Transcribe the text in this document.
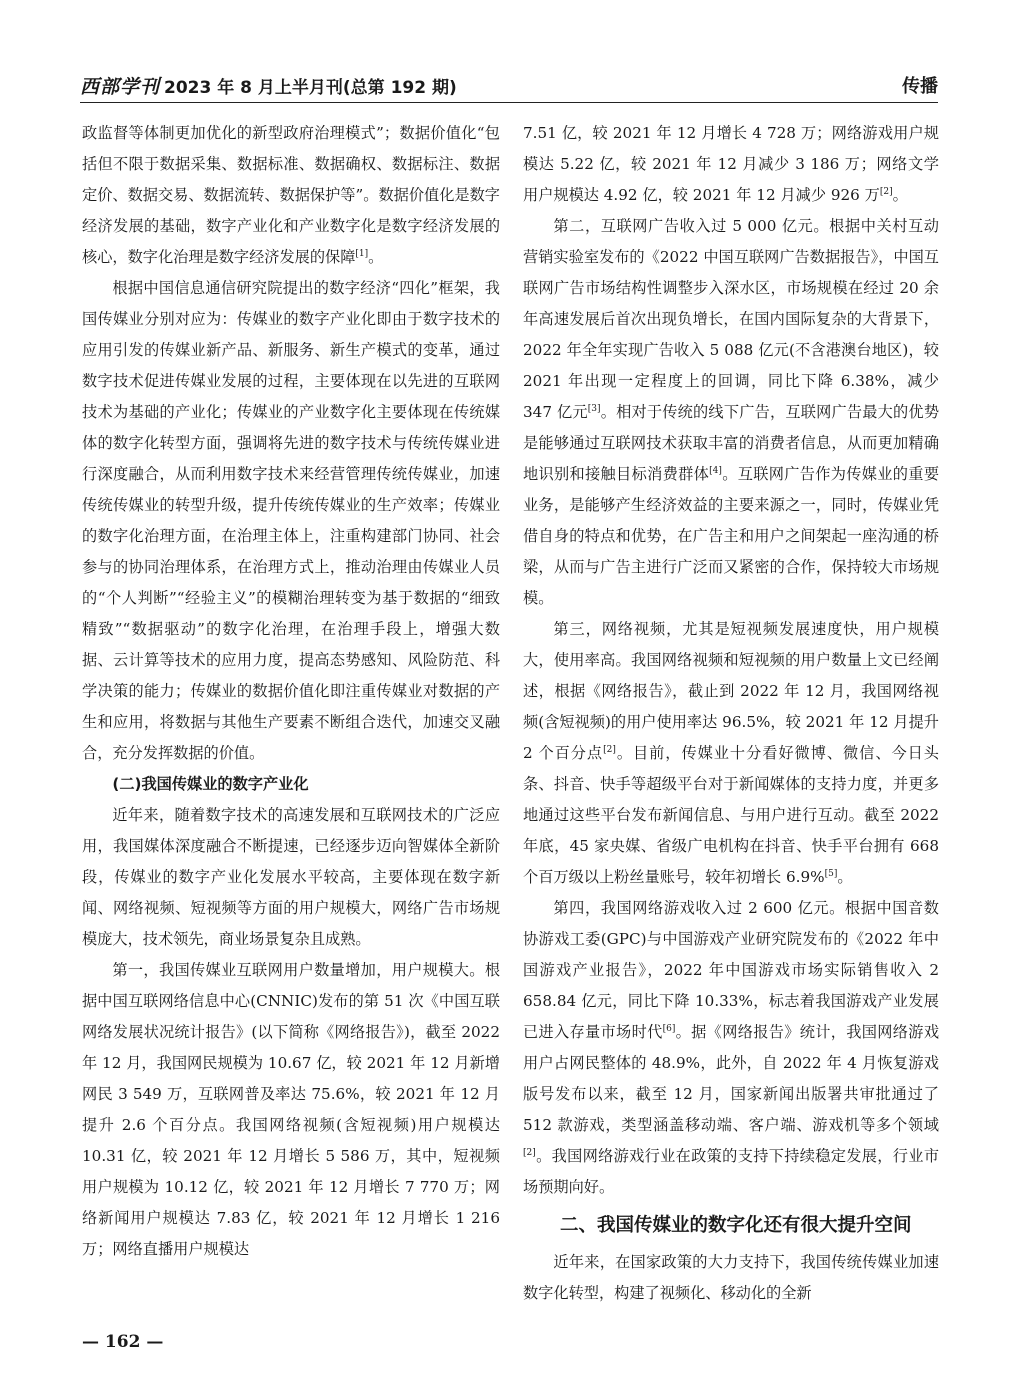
西部学刊 2023 年 8 月上半月刊(总第 192 期)	传播

政监督等体制更加优化的新型政府治理模式”；数据价值化“包括但不限于数据采集、数据标准、数据确权、数据标注、数据定价、数据交易、数据流转、数据保护等”。数据价值化是数字经济发展的基础，数字产业化和产业数字化是数字经济发展的核心，数字化治理是数字经济发展的保障[1]。

根据中国信息通信研究院提出的数字经济“四化”框架，我国传媒业分别对应为：传媒业的数字产业化即由于数字技术的应用引发的传媒业新产品、新服务、新生产模式的变革，通过数字技术促进传媒业发展的过程，主要体现在以先进的互联网技术为基础的产业化；传媒业的产业数字化主要体现在传统媒体的数字化转型方面，强调将先进的数字技术与传统传媒业进行深度融合，从而利用数字技术来经营管理传统传媒业，加速传统传媒业的转型升级，提升传统传媒业的生产效率；传媒业的数字化治理方面，在治理主体上，注重构建部门协同、社会参与的协同治理体系，在治理方式上，推动治理由传媒业人员的“个人判断”“经验主义”的模糊治理转变为基于数据的“细致精致”“数据驱动”的数字化治理，在治理手段上，增强大数据、云计算等技术的应用力度，提高态势感知、风险防范、科学决策的能力；传媒业的数据价值化即注重传媒业对数据的产生和应用，将数据与其他生产要素不断组合迭代，加速交叉融合，充分发挥数据的价值。

(二)我国传媒业的数字产业化

近年来，随着数字技术的高速发展和互联网技术的广泛应用，我国媒体深度融合不断提速，已经逐步迈向智媒体全新阶段，传媒业的数字产业化发展水平较高，主要体现在数字新闻、网络视频、短视频等方面的用户规模大，网络广告市场规模庞大，技术领先，商业场景复杂且成熟。

第一，我国传媒业互联网用户数量增加，用户规模大。根据中国互联网络信息中心(CNNIC)发布的第 51 次《中国互联网络发展状况统计报告》(以下简称《网络报告》)，截至 2022 年 12 月，我国网民规模为 10.67 亿，较 2021 年 12 月新增网民 3 549 万，互联网普及率达 75.6%，较 2021 年 12 月提升 2.6 个百分点。我国网络视频(含短视频)用户规模达 10.31 亿，较 2021 年 12 月增长 5 586 万，其中，短视频用户规模为 10.12 亿，较 2021 年 12 月增长 7 770 万；网络新闻用户规模达 7.83 亿，较 2021 年 12 月增长 1 216 万；网络直播用户规模达

7.51 亿，较 2021 年 12 月增长 4 728 万；网络游戏用户规模达 5.22 亿，较 2021 年 12 月减少 3 186 万；网络文学用户规模达 4.92 亿，较 2021 年 12 月减少 926 万[2]。

第二，互联网广告收入过 5 000 亿元。根据中关村互动营销实验室发布的《2022 中国互联网广告数据报告》，中国互联网广告市场结构性调整步入深水区，市场规模在经过 20 余年高速发展后首次出现负增长，在国内国际复杂的大背景下，2022 年全年实现广告收入 5 088 亿元(不含港澳台地区)，较 2021 年出现一定程度上的回调，同比下降 6.38%，减少 347 亿元[3]。相对于传统的线下广告，互联网广告最大的优势是能够通过互联网技术获取丰富的消费者信息，从而更加精确地识别和接触目标消费群体[4]。互联网广告作为传媒业的重要业务，是能够产生经济效益的主要来源之一，同时，传媒业凭借自身的特点和优势，在广告主和用户之间架起一座沟通的桥梁，从而与广告主进行广泛而又紧密的合作，保持较大市场规模。

第三，网络视频，尤其是短视频发展速度快，用户规模大，使用率高。我国网络视频和短视频的用户数量上文已经阐述，根据《网络报告》，截止到 2022 年 12 月，我国网络视频(含短视频)的用户使用率达 96.5%，较 2021 年 12 月提升 2 个百分点[2]。目前，传媒业十分看好微博、微信、今日头条、抖音、快手等超级平台对于新闻媒体的支持力度，并更多地通过这些平台发布新闻信息、与用户进行互动。截至 2022 年底，45 家央媒、省级广电机构在抖音、快手平台拥有 668 个百万级以上粉丝量账号，较年初增长 6.9%[5]。

第四，我国网络游戏收入过 2 600 亿元。根据中国音数协游戏工委(GPC)与中国游戏产业研究院发布的《2022 年中国游戏产业报告》，2022 年中国游戏市场实际销售收入 2 658.84 亿元，同比下降 10.33%，标志着我国游戏产业发展已进入存量市场时代[6]。据《网络报告》统计，我国网络游戏用户占网民整体的 48.9%，此外，自 2022 年 4 月恢复游戏版号发布以来，截至 12 月，国家新闻出版署共审批通过了 512 款游戏，类型涵盖移动端、客户端、游戏机等多个领域[2]。我国网络游戏行业在政策的支持下持续稳定发展，行业市场预期向好。

二、我国传媒业的数字化还有很大提升空间

近年来，在国家政策的大力支持下，我国传统传媒业加速数字化转型，构建了视频化、移动化的全新

— 162 —
